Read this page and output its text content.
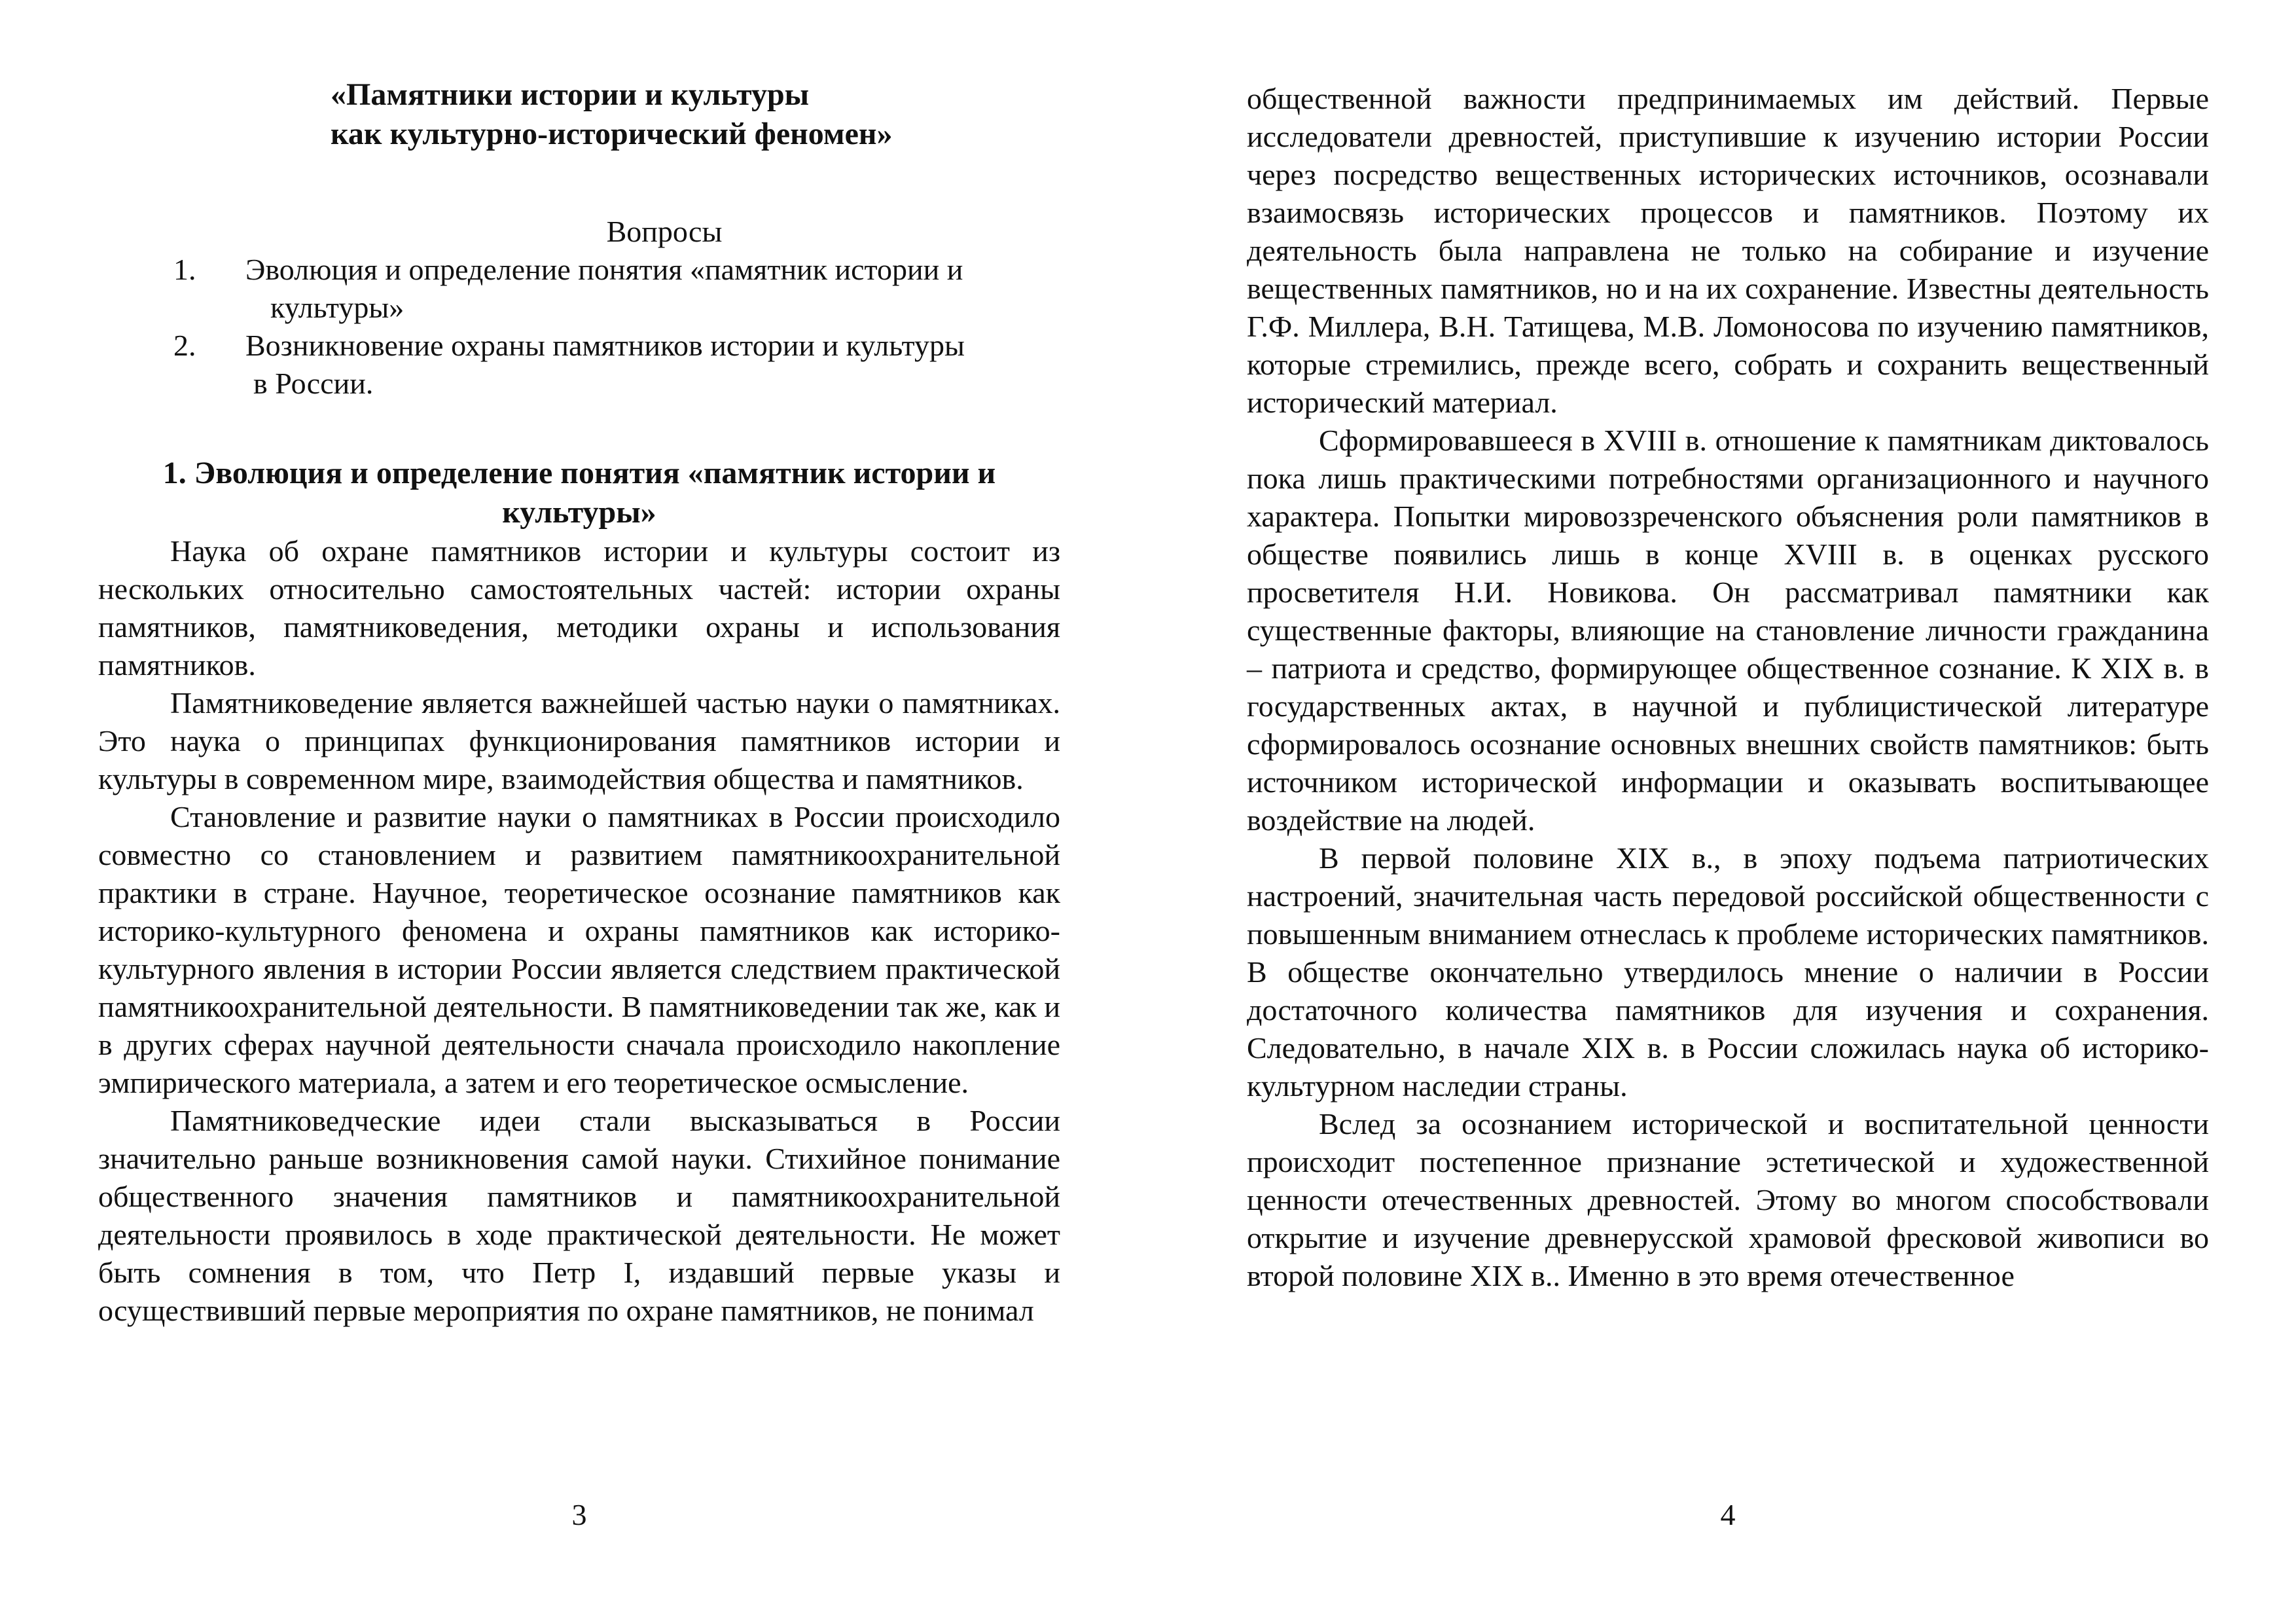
«Памятники истории и культуры

как культурно-исторический феномен»
Вопросы
1.	Эволюция и определение понятия «памятник истории и
культуры»
2.	Возникновение охраны памятников истории и культуры
в России.
1. Эволюция и определение понятия «памятник истории и
культуры»

Наука об охране памятников истории и культуры состоит из нескольких относительно самостоятельных частей: истории охраны памятников, памятниковедения, методики охраны и использования памятников.

Памятниковедение является важнейшей частью науки о памятниках. Это наука о принципах функционирования памятников истории и культуры в современном мире, взаимодействия общества и памятников.

Становление и развитие науки о памятниках в России происходило совместно со становлением и развитием памятникоохранительной практики в стране. Научное, теоретическое осознание памятников как историко-культурного феномена и охраны памятников как историко-культурного явления в истории России является следствием практической памятникоохранительной деятельности. В памятниковедении так же, как и в других сферах научной деятельности сначала происходило накопление эмпирического материала, а затем и его теоретическое осмысление.

Памятниковедческие идеи стали высказываться в России значительно раньше возникновения самой науки. Стихийное понимание общественного значения памятников и памятникоохранительной деятельности проявилось в ходе практической деятельности. Не может быть сомнения в том, что Петр I, издавший первые указы и осуществивший первые мероприятия по охране памятников, не понимал

3

общественной важности предпринимаемых им действий. Первые исследователи древностей, приступившие к изучению истории России через посредство вещественных исторических источников, осознавали взаимосвязь исторических процессов и памятников. Поэтому их деятельность была направлена не только на собирание и изучение вещественных памятников, но и на их сохранение. Известны деятельность Г.Ф. Миллера, В.Н. Татищева, М.В. Ломоносова по изучению памятников, которые стремились, прежде всего, собрать и сохранить вещественный исторический материал.

Сформировавшееся в XVIII в. отношение к памятникам диктовалось пока лишь практическими потребностями организационного и научного характера. Попытки мировоззреченского объяснения роли памятников в обществе появились лишь в конце XVIII в. в оценках русского просветителя Н.И. Новикова. Он рассматривал памятники как существенные факторы, влияющие на становление личности гражданина – патриота и средство, формирующее общественное сознание. К XIX в. в государственных актах, в научной и публицистической литературе сформировалось осознание основных внешних свойств памятников: быть источником исторической информации и оказывать воспитывающее воздействие на людей.

В первой половине XIX в., в эпоху подъема патриотических настроений, значительная часть передовой российской общественности с повышенным вниманием отнеслась к проблеме исторических памятников. В обществе окончательно утвердилось мнение о наличии в России достаточного количества памятников для изучения и сохранения. Следовательно, в начале XIX в. в России сложилась наука об историко-культурном наследии страны.

Вслед за осознанием исторической и воспитательной ценности происходит постепенное признание эстетической и художественной ценности отечественных древностей. Этому во многом способствовали открытие и изучение древнерусской храмовой фресковой живописи во второй половине XIX в.. Именно в это время отечественное

4
